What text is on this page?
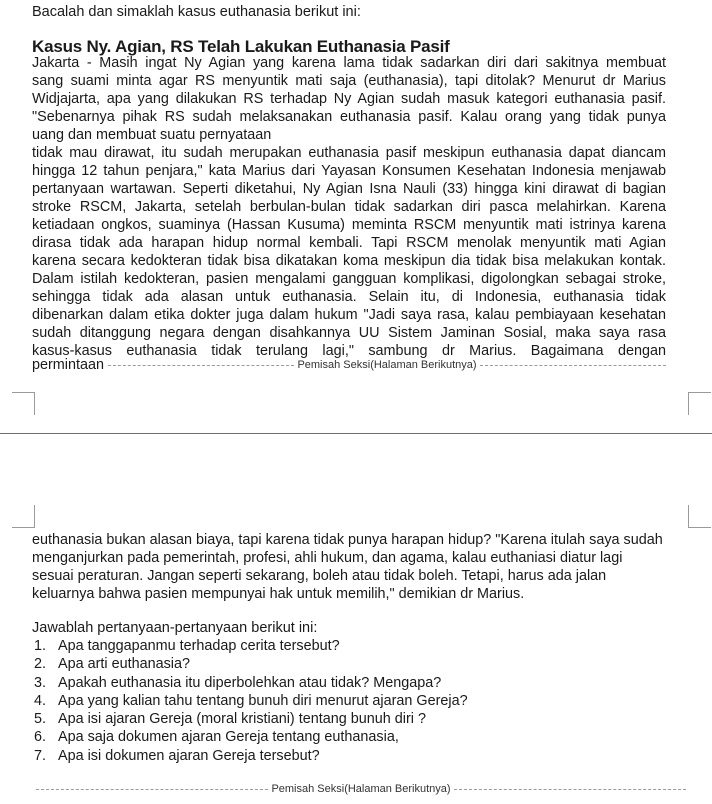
Bacalah dan simaklah kasus euthanasia berikut ini:
Kasus Ny. Agian, RS Telah Lakukan Euthanasia Pasif
Jakarta - Masih ingat Ny Agian yang karena lama tidak sadarkan diri dari sakitnya membuat
sang suami minta agar RS menyuntik mati saja (euthanasia), tapi ditolak? Menurut dr Marius
Widjajarta, apa yang dilakukan RS terhadap Ny Agian sudah masuk kategori euthanasia pasif.
"Sebenarnya pihak RS sudah melaksanakan euthanasia pasif. Kalau orang yang tidak punya
uang dan membuat suatu pernyataan
tidak mau dirawat, itu sudah merupakan euthanasia pasif meskipun euthanasia dapat diancam
hingga 12 tahun penjara," kata Marius dari Yayasan Konsumen Kesehatan Indonesia menjawab
pertanyaan wartawan. Seperti diketahui, Ny Agian Isna Nauli (33) hingga kini dirawat di bagian
stroke RSCM, Jakarta, setelah berbulan-bulan tidak sadarkan diri pasca melahirkan. Karena
ketiadaan ongkos, suaminya (Hassan Kusuma) meminta RSCM menyuntik mati istrinya karena
dirasa tidak ada harapan hidup normal kembali. Tapi RSCM menolak menyuntik mati Agian
karena secara kedokteran tidak bisa dikatakan koma meskipun dia tidak bisa melakukan kontak.
Dalam istilah kedokteran, pasien mengalami gangguan komplikasi, digolongkan sebagai stroke,
sehingga tidak ada alasan untuk euthanasia. Selain itu, di Indonesia, euthanasia tidak
dibenarkan dalam etika dokter juga dalam hukum "Jadi saya rasa, kalau pembiayaan kesehatan
sudah ditanggung negara dengan disahkannya UU Sistem Jaminan Sosial, maka saya rasa
kasus-kasus euthanasia tidak terulang lagi," sambung dr Marius. Bagaimana dengan
permintaan	Pemisah Seksi(Halaman Berikutnya)
euthanasia bukan alasan biaya, tapi karena tidak punya harapan hidup? "Karena itulah saya sudah
menganjurkan pada pemerintah, profesi, ahli hukum, dan agama, kalau euthaniasi diatur lagi
sesuai peraturan. Jangan seperti sekarang, boleh atau tidak boleh. Tetapi, harus ada jalan
keluarnya bahwa pasien mempunyai hak untuk memilih," demikian dr Marius.
Jawablah pertanyaan-pertanyaan berikut ini:
1. Apa tanggapanmu terhadap cerita tersebut?
2. Apa arti euthanasia?
3. Apakah euthanasia itu diperbolehkan atau tidak? Mengapa?
4. Apa yang kalian tahu tentang bunuh diri menurut ajaran Gereja?
5. Apa isi ajaran Gereja (moral kristiani) tentang bunuh diri ?
6. Apa saja dokumen ajaran Gereja tentang euthanasia,
7. Apa isi dokumen ajaran Gereja tersebut?
Pemisah Seksi(Halaman Berikutnya)
